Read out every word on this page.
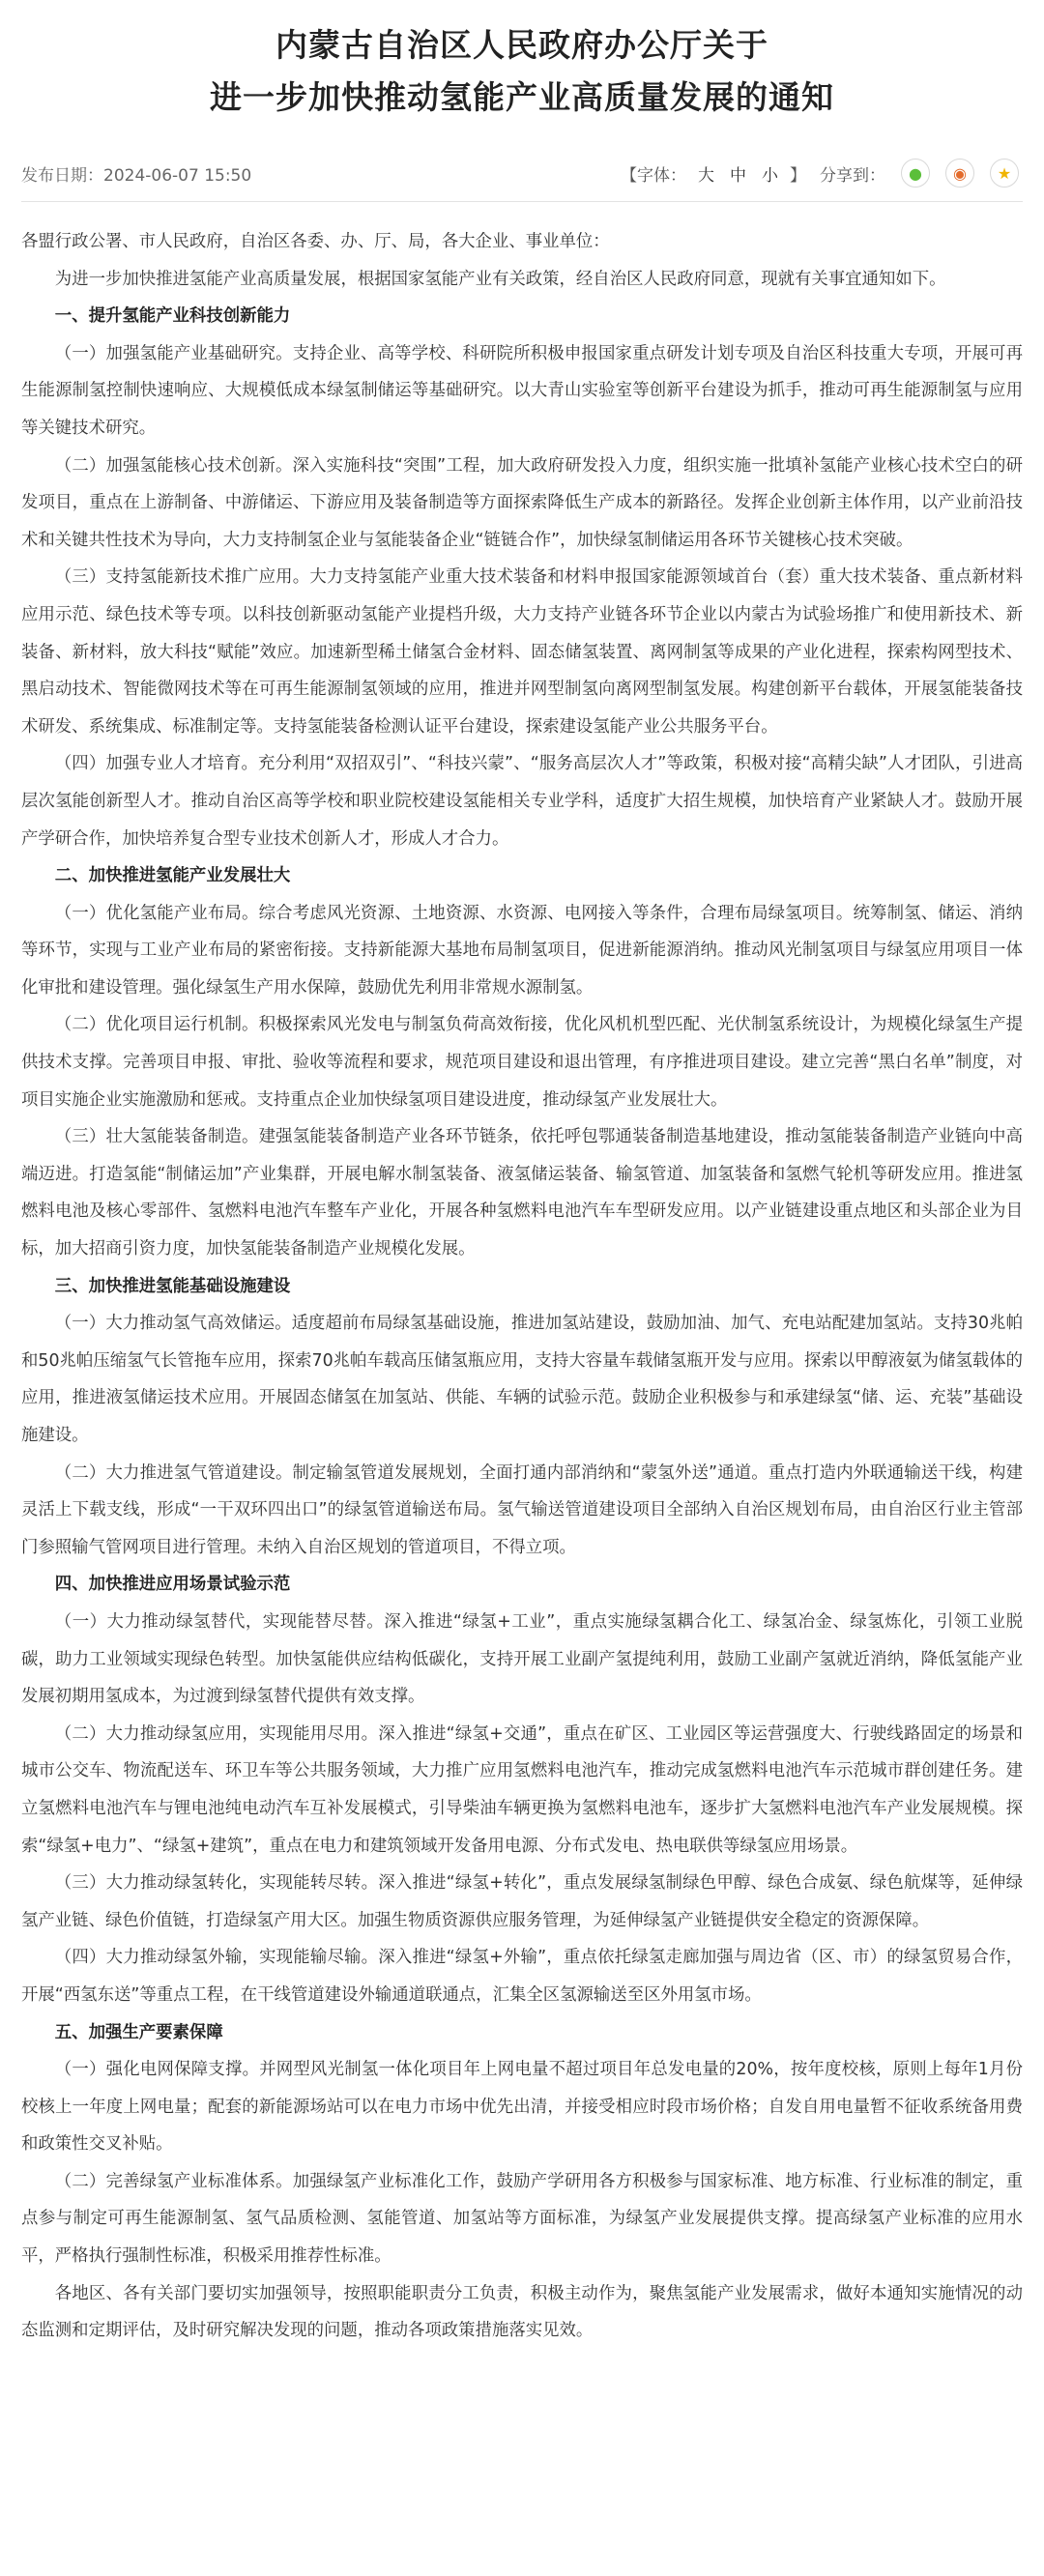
内蒙古自治区人民政府办公厅关于
进一步加快推动氢能产业高质量发展的通知
发布日期：2024-06-07 15:50	【字体： 大 中 小 】 分享到：	●	◉	★

各盟行政公署、市人民政府，自治区各委、办、厅、局，各大企业、事业单位：

为进一步加快推进氢能产业高质量发展，根据国家氢能产业有关政策，经自治区人民政府同意，现就有关事宜通知如下。

一、提升氢能产业科技创新能力

（一）加强氢能产业基础研究。支持企业、高等学校、科研院所积极申报国家重点研发计划专项及自治区科技重大专项，开展可再生能源制氢控制快速响应、大规模低成本绿氢制储运等基础研究。以大青山实验室等创新平台建设为抓手，推动可再生能源制氢与应用等关键技术研究。

（二）加强氢能核心技术创新。深入实施科技“突围”工程，加大政府研发投入力度，组织实施一批填补氢能产业核心技术空白的研发项目，重点在上游制备、中游储运、下游应用及装备制造等方面探索降低生产成本的新路径。发挥企业创新主体作用，以产业前沿技术和关键共性技术为导向，大力支持制氢企业与氢能装备企业“链链合作”，加快绿氢制储运用各环节关键核心技术突破。

（三）支持氢能新技术推广应用。大力支持氢能产业重大技术装备和材料申报国家能源领域首台（套）重大技术装备、重点新材料应用示范、绿色技术等专项。以科技创新驱动氢能产业提档升级，大力支持产业链各环节企业以内蒙古为试验场推广和使用新技术、新装备、新材料，放大科技“赋能”效应。加速新型稀土储氢合金材料、固态储氢装置、离网制氢等成果的产业化进程，探索构网型技术、黑启动技术、智能微网技术等在可再生能源制氢领域的应用，推进并网型制氢向离网型制氢发展。构建创新平台载体，开展氢能装备技术研发、系统集成、标准制定等。支持氢能装备检测认证平台建设，探索建设氢能产业公共服务平台。

（四）加强专业人才培育。充分利用“双招双引”、“科技兴蒙”、“服务高层次人才”等政策，积极对接“高精尖缺”人才团队，引进高层次氢能创新型人才。推动自治区高等学校和职业院校建设氢能相关专业学科，适度扩大招生规模，加快培育产业紧缺人才。鼓励开展产学研合作，加快培养复合型专业技术创新人才，形成人才合力。

二、加快推进氢能产业发展壮大

（一）优化氢能产业布局。综合考虑风光资源、土地资源、水资源、电网接入等条件，合理布局绿氢项目。统筹制氢、储运、消纳等环节，实现与工业产业布局的紧密衔接。支持新能源大基地布局制氢项目，促进新能源消纳。推动风光制氢项目与绿氢应用项目一体化审批和建设管理。强化绿氢生产用水保障，鼓励优先利用非常规水源制氢。

（二）优化项目运行机制。积极探索风光发电与制氢负荷高效衔接，优化风机机型匹配、光伏制氢系统设计，为规模化绿氢生产提供技术支撑。完善项目申报、审批、验收等流程和要求，规范项目建设和退出管理，有序推进项目建设。建立完善“黑白名单”制度，对项目实施企业实施激励和惩戒。支持重点企业加快绿氢项目建设进度，推动绿氢产业发展壮大。

（三）壮大氢能装备制造。建强氢能装备制造产业各环节链条，依托呼包鄂通装备制造基地建设，推动氢能装备制造产业链向中高端迈进。打造氢能“制储运加”产业集群，开展电解水制氢装备、液氢储运装备、输氢管道、加氢装备和氢燃气轮机等研发应用。推进氢燃料电池及核心零部件、氢燃料电池汽车整车产业化，开展各种氢燃料电池汽车车型研发应用。以产业链建设重点地区和头部企业为目标，加大招商引资力度，加快氢能装备制造产业规模化发展。

三、加快推进氢能基础设施建设

（一）大力推动氢气高效储运。适度超前布局绿氢基础设施，推进加氢站建设，鼓励加油、加气、充电站配建加氢站。支持30兆帕和50兆帕压缩氢气长管拖车应用，探索70兆帕车载高压储氢瓶应用，支持大容量车载储氢瓶开发与应用。探索以甲醇液氨为储氢载体的应用，推进液氢储运技术应用。开展固态储氢在加氢站、供能、车辆的试验示范。鼓励企业积极参与和承建绿氢“储、运、充装”基础设施建设。

（二）大力推进氢气管道建设。制定输氢管道发展规划，全面打通内部消纳和“蒙氢外送”通道。重点打造内外联通输送干线，构建灵活上下载支线，形成“一干双环四出口”的绿氢管道输送布局。氢气输送管道建设项目全部纳入自治区规划布局，由自治区行业主管部门参照输气管网项目进行管理。未纳入自治区规划的管道项目，不得立项。

四、加快推进应用场景试验示范

（一）大力推动绿氢替代，实现能替尽替。深入推进“绿氢+工业”，重点实施绿氢耦合化工、绿氢冶金、绿氢炼化，引领工业脱碳，助力工业领域实现绿色转型。加快氢能供应结构低碳化，支持开展工业副产氢提纯利用，鼓励工业副产氢就近消纳，降低氢能产业发展初期用氢成本，为过渡到绿氢替代提供有效支撑。

（二）大力推动绿氢应用，实现能用尽用。深入推进“绿氢+交通”，重点在矿区、工业园区等运营强度大、行驶线路固定的场景和城市公交车、物流配送车、环卫车等公共服务领域，大力推广应用氢燃料电池汽车，推动完成氢燃料电池汽车示范城市群创建任务。建立氢燃料电池汽车与锂电池纯电动汽车互补发展模式，引导柴油车辆更换为氢燃料电池车，逐步扩大氢燃料电池汽车产业发展规模。探索“绿氢+电力”、“绿氢+建筑”，重点在电力和建筑领域开发备用电源、分布式发电、热电联供等绿氢应用场景。

（三）大力推动绿氢转化，实现能转尽转。深入推进“绿氢+转化”，重点发展绿氢制绿色甲醇、绿色合成氨、绿色航煤等，延伸绿氢产业链、绿色价值链，打造绿氢产用大区。加强生物质资源供应服务管理，为延伸绿氢产业链提供安全稳定的资源保障。

（四）大力推动绿氢外输，实现能输尽输。深入推进“绿氢+外输”，重点依托绿氢走廊加强与周边省（区、市）的绿氢贸易合作，开展“西氢东送”等重点工程，在干线管道建设外输通道联通点，汇集全区氢源输送至区外用氢市场。

五、加强生产要素保障

（一）强化电网保障支撑。并网型风光制氢一体化项目年上网电量不超过项目年总发电量的20%，按年度校核，原则上每年1月份校核上一年度上网电量；配套的新能源场站可以在电力市场中优先出清，并接受相应时段市场价格；自发自用电量暂不征收系统备用费和政策性交叉补贴。

（二）完善绿氢产业标准体系。加强绿氢产业标准化工作，鼓励产学研用各方积极参与国家标准、地方标准、行业标准的制定，重点参与制定可再生能源制氢、氢气品质检测、氢能管道、加氢站等方面标准，为绿氢产业发展提供支撑。提高绿氢产业标准的应用水平，严格执行强制性标准，积极采用推荐性标准。

各地区、各有关部门要切实加强领导，按照职能职责分工负责，积极主动作为，聚焦氢能产业发展需求，做好本通知实施情况的动态监测和定期评估，及时研究解决发现的问题，推动各项政策措施落实见效。
